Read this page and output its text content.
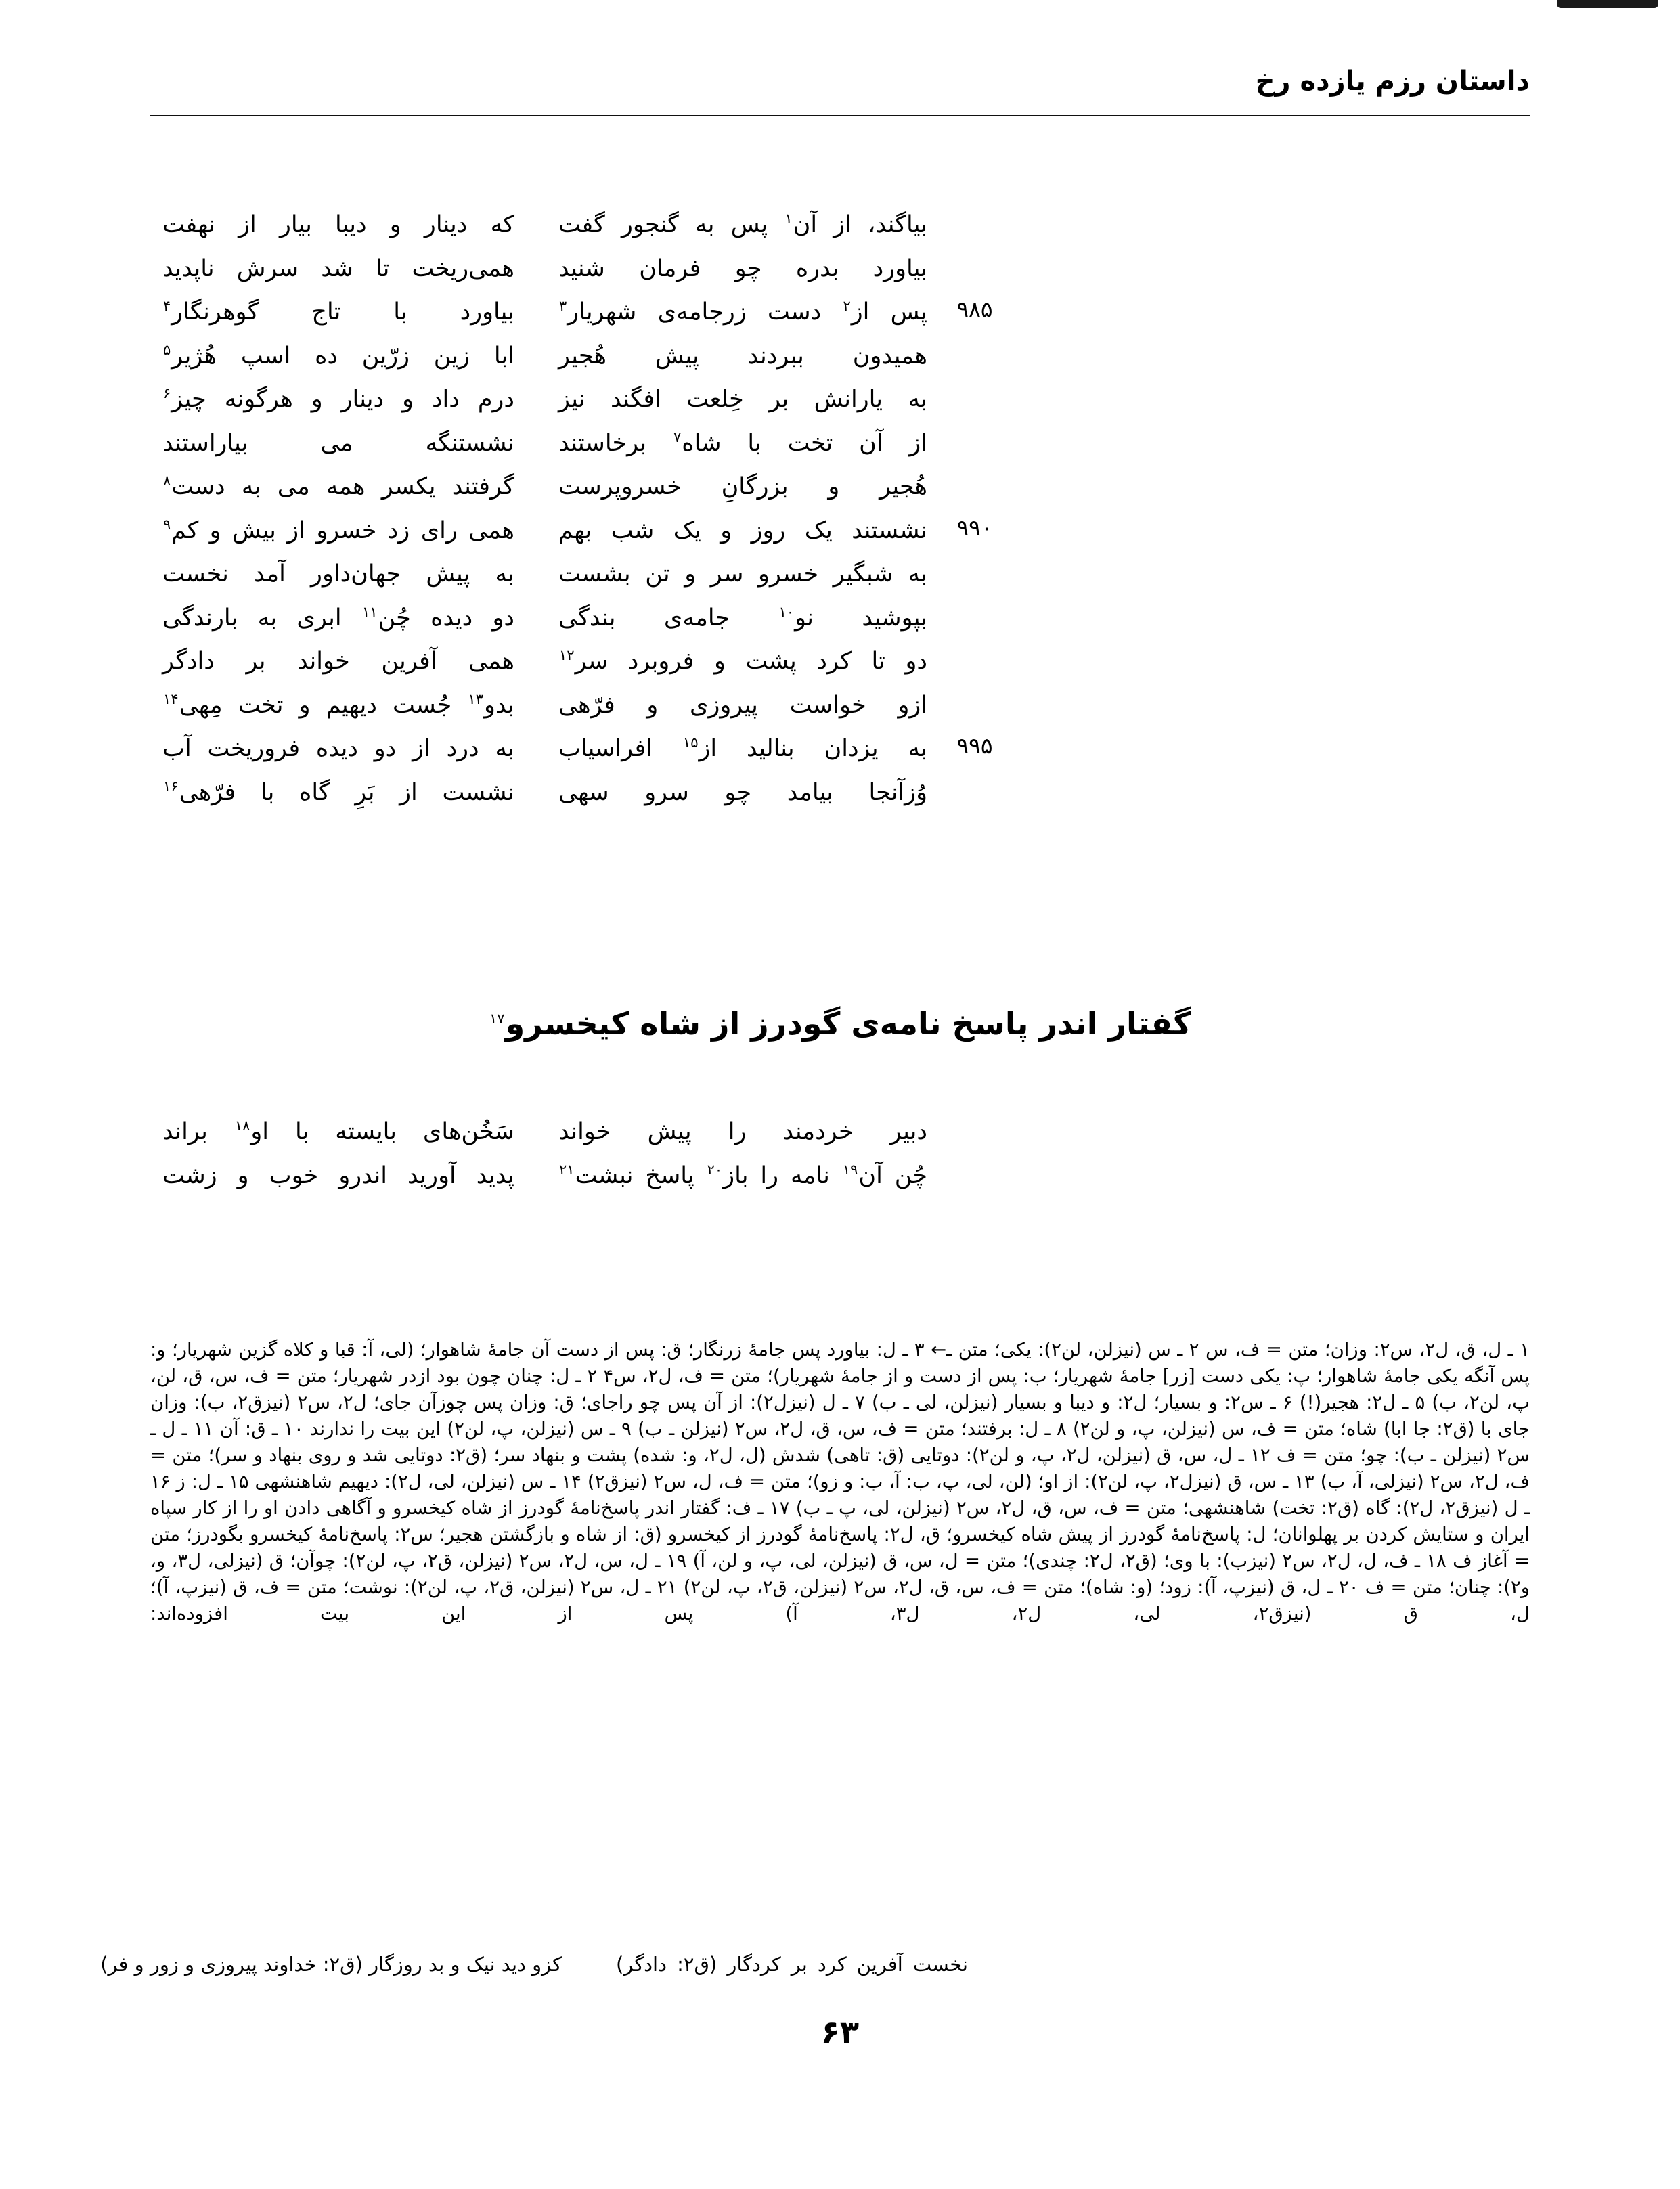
داستان رزم یازده رخ
بیاگند، از آن$^۱$ پس به گنجور گفت
که دینار و دیبا بیار از نهفت
بیاورد بدره چو فرمان شنید
همی‌ریخت تا شد سرش ناپدید
۹۸۵
پس از$^۲$ دست زرجامه‌ی شهریار$^۳$
بیاورد با تاج گوهرنگار$^۴$
همیدون ببردند پیش هُجیر
ابا زین زرّین ده اسپ هُژیر$^۵$
به یارانش بر خِلعت افگند نیز
درم داد و دینار و هرگونه چیز$^۶$
از آن تخت با شاه$^۷$ برخاستند
نشستنگه می بیاراستند
هُجیر و بزرگانِ خسروپرست
گرفتند یکسر همه می به دست$^۸$
۹۹۰
نشستند یک روز و یک شب بهم
همی رای زد خسرو از بیش و کم$^۹$
به شبگیر خسرو سر و تن بشست
به پیش جهان‌داور آمد نخست
بپوشید نو$^{۱۰}$ جامه‌ی بندگی
دو دیده چُن$^{۱۱}$ ابری به بارندگی
دو تا کرد پشت و فروبرد سر$^{۱۲}$
همی آفرین خواند بر دادگر
ازو خواست پیروزی و فرّهی
بدو$^{۱۳}$ جُست دیهیم و تخت مِهی$^{۱۴}$
۹۹۵
به یزدان بنالید از$^{۱۵}$ افراسیاب
به درد از دو دیده فروریخت آب
وُزآنجا بیامد چو سرو سهی
نشست از بَرِ گاه با فرّهی$^{۱۶}$
گفتار اندر پاسخ نامه‌ی گودرز از شاه کیخسرو$^{۱۷}$
دبیر خردمند را پیش خواند
سَخُن‌های بایسته با او$^{۱۸}$ براند
چُن آن$^{۱۹}$ نامه را باز$^{۲۰}$ پاسخ نبشت$^{۲۱}$
پدید آورید اندرو خوب و زشت

۱ ـ ل، ق، ل‎۲، س‎۲: وزان؛ متن = ف، س ۲ ـ س (نیز‌لن، لن‎۲): یکی؛ متن ـ← ۳ ـ ل: بیاورد پس جامهٔ زرنگار؛ ق: پس از دست آن جامهٔ شاهوار؛ (لی، آ: قبا و کلاه گزین شهریار؛ و: پس آنگه یکی جامهٔ شاهوار؛ پ: یکی دست [زر] جامهٔ شهریار؛ ب: پس از دست و از جامهٔ شهریار)؛ متن = ف، ل‎۲، س‎۲ ۴ ـ ل: چنان چون بود ازدر شهریار؛ متن = ف، س، ق، لن، پ، لن‎۲، ب) ۵ ـ ل‎۲: هجیر(!) ۶ ـ س‎۲: و بسیار؛ ل‎۲: و دیبا و بسیار (نیز‌لن، لی ـ ب) ۷ ـ ل (نیز‌ل‎۲): از آن پس چو راجای؛ ق: وزان پس چوزآن جای؛ ل‎۲، س‎۲ (نیز‌ق‎۲، ب): وزان جای با (ق‎۲: جا ابا) شاه؛ متن = ف، س (نیز‌لن، پ، و لن‎۲) ۸ ـ ل: برفتند؛ متن = ف، س، ق، ل‎۲، س‎۲ (نیز‌لن ـ ب) ۹ ـ س (نیز‌لن، پ، لن‎۲) این بیت را ندارند ۱۰ ـ ق: آن ۱۱ ـ ل ـ س‎۲ (نیز‌لن ـ ب): چو؛ متن = ف ۱۲ ـ ل، س، ق (نیز‌لن، ل‎۲، پ، و لن‎۲): دوتایی (ق: تاهی) شدش (ل، ل‎۲، و: شده) پشت و بنهاد سر؛ (ق‎۲: دوتایی شد و روی بنهاد و سر)؛ متن = ف، ل‎۲، س‎۲ (نیز‌لی، آ، ب) ۱۳ ـ س، ق (نیز‌ل‎۲، پ، لن‎۲): از او؛ (لن، لی، پ، ب: آ، ب: و زو)؛ متن = ف، ل، س‎۲ (نیز‌ق‎۲) ۱۴ ـ س (نیز‌لن، لی، ل‎۲): دیهیم شاهنشهی ۱۵ ـ ل: ز ۱۶ ـ ل (نیز‌ق‎۲، ل‎۲): گاه (ق‎۲: تخت) شاهنشهی؛ متن = ف، س، ق، ل‎۲، س‎۲ (نیز‌لن، لی، پ ـ ب) ۱۷ ـ ف: گفتار اندر پاسخ‌نامهٔ گودرز از شاه کیخسرو و آگاهی دادن او را از کار سپاه ایران و ستایش کردن بر پهلوانان؛ ل: پاسخ‌نامهٔ گودرز از پیش شاه کیخسرو؛ ق، ل‎۲: پاسخ‌نامهٔ گودرز از کیخسرو (ق: از شاه و بازگشتن هجیر؛ س‎۲: پاسخ‌نامهٔ کیخسرو بگودرز؛ متن = آغاز ف ۱۸ ـ ف، ل، ل‎۲، س‎۲ (نیز‌ب): با وی؛ (ق‎۲، ل‎۲: چندی)؛ متن = ل، س، ق (نیز‌لن، لی، پ، و لن، آ) ۱۹ ـ ل، س، ل‎۲، س‎۲ (نیز‌لن، ق‎۲، پ، لن‎۲): چوآن؛ ق (نیز‌لی، ل‎۳، و، و‎۲): چنان؛ متن = ف ۲۰ ـ ل، ق (نیز‌پ، آ): زود؛ (و: شاه)؛ متن = ف، س، ق، ل‎۲، س‎۲ (نیز‌لن، ق‎۲، پ، لن‎۲) ۲۱ ـ ل، س‎۲ (نیز‌لن، ق‎۲، پ، لن‎۲): نوشت؛ متن = ف، ق (نیز‌پ، آ)؛ ل، ق (نیز‌ق‎۲، لی، ل‎۲، ل‎۳، آ) پس از این بیت افزوده‌اند:

نخست آفرین کرد بر کردگار (ق‎۲: دادگر)
کزو دید نیک و بد روزگار (ق‎۲: خداوند پیروزی و زور و فر)
۶۳
